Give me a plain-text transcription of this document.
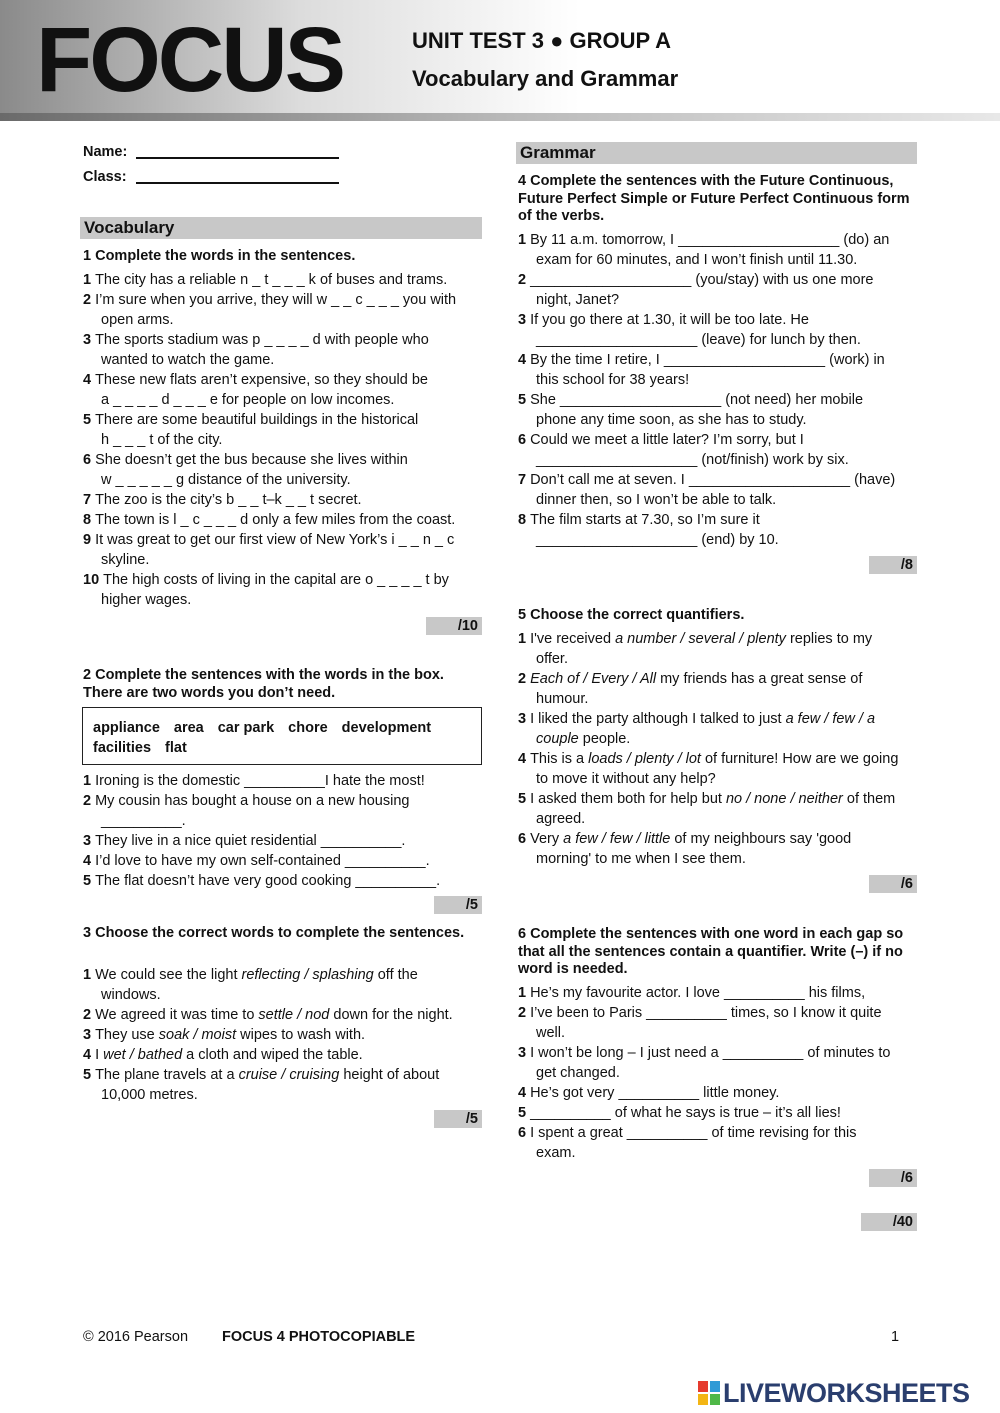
FOCUS	UNIT TEST 3 ● GROUP A
Vocabulary and Grammar
Name:
Class:
Vocabulary
1 Complete the words in the sentences.
1 The city has a reliable n _ t _ _ _ k of buses and trams.
2 I’m sure when you arrive, they will w _ _ c _ _ _ you with
open arms.
3 The sports stadium was p _ _ _ _ d with people who
wanted to watch the game.
4 These new flats aren’t expensive, so they should be
a _ _ _ _ d _ _ _ e for people on low incomes.
5 There are some beautiful buildings in the historical
h _ _ _ t of the city.
6 She doesn’t get the bus because she lives within
w _ _ _ _ _ g distance of the university.
7 The zoo is the city’s b _ _ t–k _ _ t secret.
8 The town is l _ c _ _ _ d only a few miles from the coast.
9 It was great to get our first view of New York’s i _ _ n _ c
skyline.
10 The high costs of living in the capital are o _ _ _ _ t by
higher wages.
/10
2 Complete the sentences with the words in the box. There are two words you don’t need.
appliance area car park chore development
facilities flat
1 Ironing is the domestic __________I hate the most!
2 My cousin has bought a house on a new housing
__________.
3 They live in a nice quiet residential __________.
4 I’d love to have my own self-contained __________.
5 The flat doesn’t have very good cooking __________.
/5
3 Choose the correct words to complete the sentences.
1 We could see the light reflecting / splashing off the
windows.
2 We agreed it was time to settle / nod down for the night.
3 They use soak / moist wipes to wash with.
4 I wet / bathed a cloth and wiped the table.
5 The plane travels at a cruise / cruising height of about
10,000 metres.
/5
Grammar
4 Complete the sentences with the Future Continuous, Future Perfect Simple or Future Perfect Continuous form of the verbs.
1 By 11 a.m. tomorrow, I ____________________ (do) an
exam for 60 minutes, and I won’t finish until 11.30.
2 ____________________ (you/stay) with us one more
night, Janet?
3 If you go there at 1.30, it will be too late. He
____________________ (leave) for lunch by then.
4 By the time I retire, I ____________________ (work) in
this school for 38 years!
5 She ____________________ (not need) her mobile
phone any time soon, as she has to study.
6 Could we meet a little later? I’m sorry, but I
____________________ (not/finish) work by six.
7 Don’t call me at seven. I ____________________ (have)
dinner then, so I won’t be able to talk.
8 The film starts at 7.30, so I’m sure it
____________________ (end) by 10.
/8
5 Choose the correct quantifiers.
1 I've received a number / several / plenty replies to my
offer.
2 Each of / Every / All my friends has a great sense of
humour.
3 I liked the party although I talked to just a few / few / a
couple people.
4 This is a loads / plenty / lot of furniture! How are we going
to move it without any help?
5 I asked them both for help but no / none / neither of them
agreed.
6 Very a few / few / little of my neighbours say 'good
morning' to me when I see them.
/6
6 Complete the sentences with one word in each gap so that all the sentences contain a quantifier. Write (–) if no word is needed.
1 He’s my favourite actor. I love __________ his films,
2 I’ve been to Paris __________ times, so I know it quite
well.
3 I won’t be long – I just need a __________ of minutes to
get changed.
4 He’s got very __________ little money.
5 __________ of what he says is true – it’s all lies!
6 I spent a great __________ of time revising for this
exam.
/6
/40
© 2016 Pearson FOCUS 4 PHOTOCOPIABLE	1
LIVEWORKSHEETS
